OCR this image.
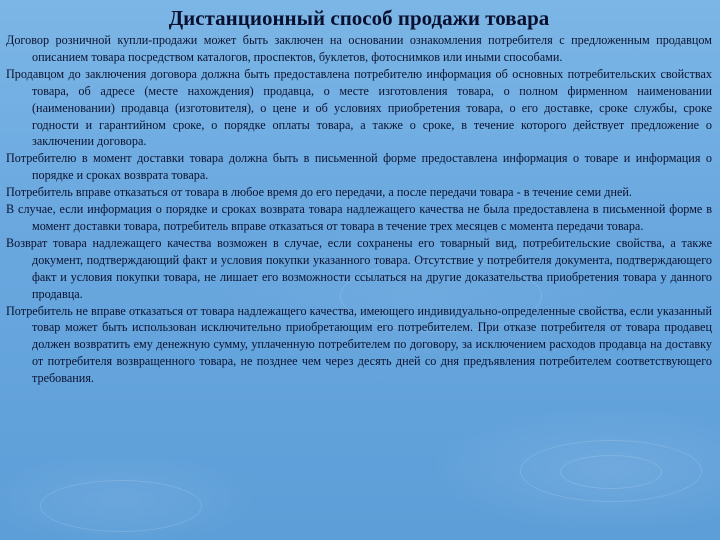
Дистанционный способ продажи товара

Договор розничной купли-продажи может быть заключен на основании ознакомления потребителя с предложенным продавцом описанием товара посредством каталогов, проспектов, буклетов, фотоснимков или иными способами.

Продавцом до заключения договора должна быть предоставлена потребителю информация об основных потребительских свойствах товара, об адресе (месте нахождения) продавца, о месте изготовления товара, о полном фирменном наименовании (наименовании) продавца (изготовителя), о цене и об условиях приобретения товара, о его доставке, сроке службы, сроке годности и гарантийном сроке, о порядке оплаты товара, а также о сроке, в течение которого действует предложение о заключении договора.

Потребителю в момент доставки товара должна быть в письменной форме предоставлена информация о товаре и информация о порядке и сроках возврата товара.

Потребитель вправе отказаться от товара в любое время до его передачи, а после передачи товара - в течение семи дней.

В случае, если информация о порядке и сроках возврата товара надлежащего качества не была предоставлена в письменной форме в момент доставки товара, потребитель вправе отказаться от товара в течение трех месяцев с момента передачи товара.

Возврат товара надлежащего качества возможен в случае, если сохранены его товарный вид, потребительские свойства, а также документ, подтверждающий факт и условия покупки указанного товара. Отсутствие у потребителя документа, подтверждающего факт и условия покупки товара, не лишает его возможности ссылаться на другие доказательства приобретения товара у данного продавца.

Потребитель не вправе отказаться от товара надлежащего качества, имеющего индивидуально-определенные свойства, если указанный товар может быть использован исключительно приобретающим его потребителем. При отказе потребителя от товара продавец должен возвратить ему денежную сумму, уплаченную потребителем по договору, за исключением расходов продавца на доставку от потребителя возвращенного товара, не позднее чем через десять дней со дня предъявления потребителем соответствующего требования.
